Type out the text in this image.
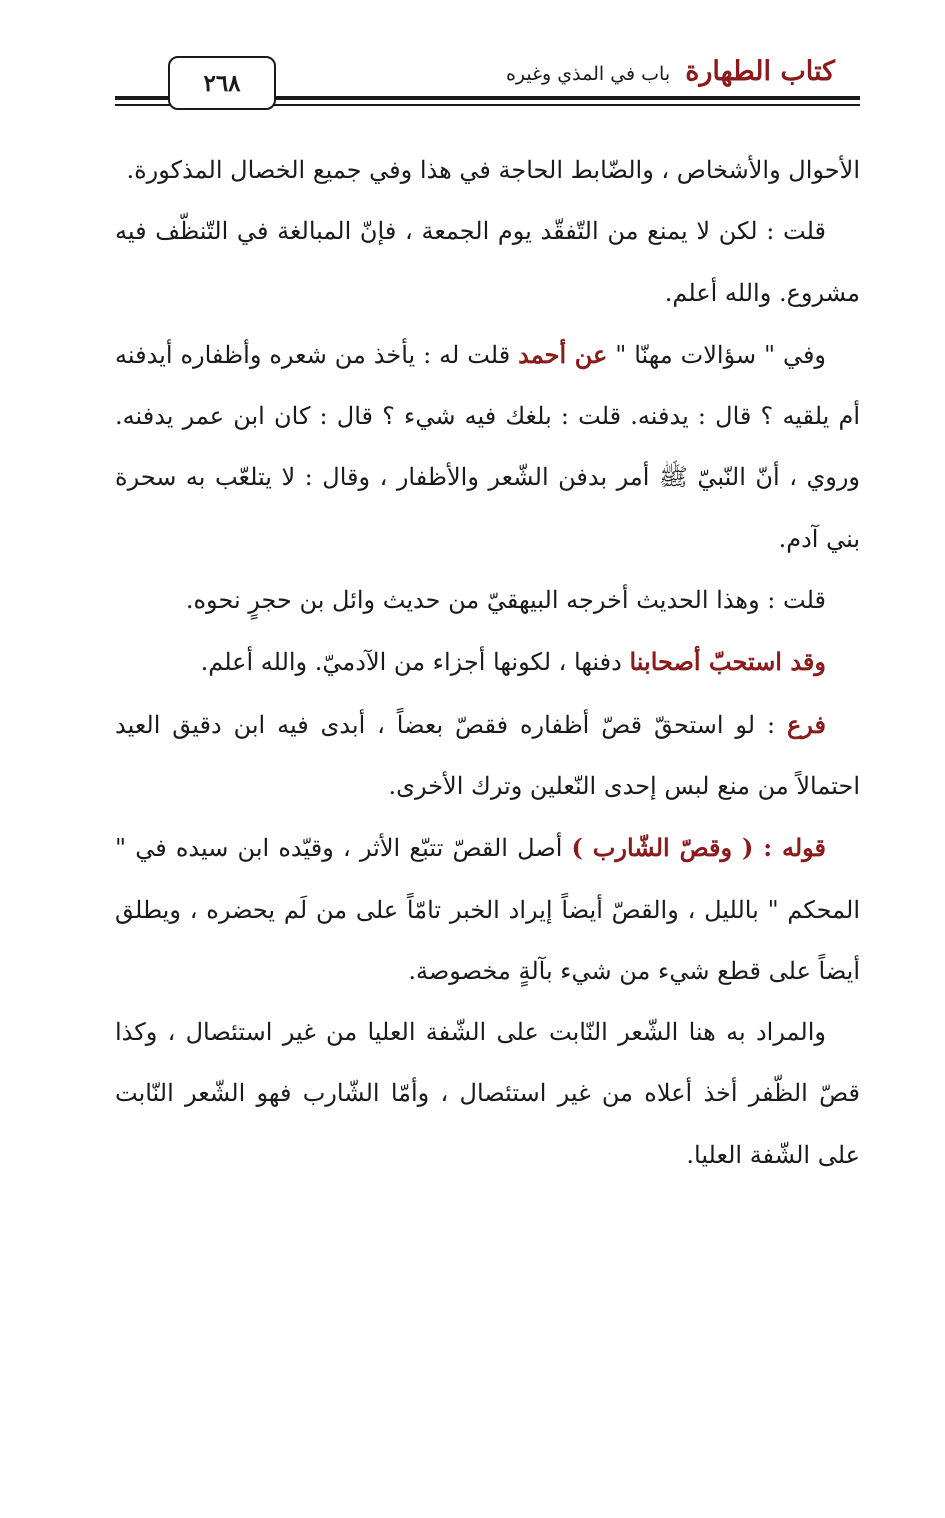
كتاب الطهارة باب في المذي وغيره
٢٦٨

الأحوال والأشخاص ، والضّابط الحاجة في هذا وفي جميع الخصال المذكورة.

قلت : لكن لا يمنع من التّفقّد يوم الجمعة ، فإنّ المبالغة في التّنظّف فيه مشروع. والله أعلم.

وفي " سؤالات مهنّا " عن أحمد قلت له : يأخذ من شعره وأظفاره أيدفنه أم يلقيه ؟ قال : يدفنه. قلت : بلغك فيه شيء ؟ قال : كان ابن عمر يدفنه. وروي ، أنّ النّبيّ ﷺ أمر بدفن الشّعر والأظفار ، وقال : لا يتلعّب به سحرة بني آدم.

قلت : وهذا الحديث أخرجه البيهقيّ من حديث وائل بن حجرٍ نحوه.

وقد استحبّ أصحابنا دفنها ، لكونها أجزاء من الآدميّ. والله أعلم.

فرع : لو استحقّ قصّ أظفاره فقصّ بعضاً ، أبدى فيه ابن دقيق العيد احتمالاً من منع لبس إحدى النّعلين وترك الأخرى.

قوله : ( وقصّ الشّارب ) أصل القصّ تتبّع الأثر ، وقيّده ابن سيده في " المحكم " بالليل ، والقصّ أيضاً إيراد الخبر تامّاً على من لَم يحضره ، ويطلق أيضاً على قطع شيء من شيء بآلةٍ مخصوصة.

والمراد به هنا الشّعر النّابت على الشّفة العليا من غير استئصال ، وكذا قصّ الظّفر أخذ أعلاه من غير استئصال ، وأمّا الشّارب فهو الشّعر النّابت على الشّفة العليا.
